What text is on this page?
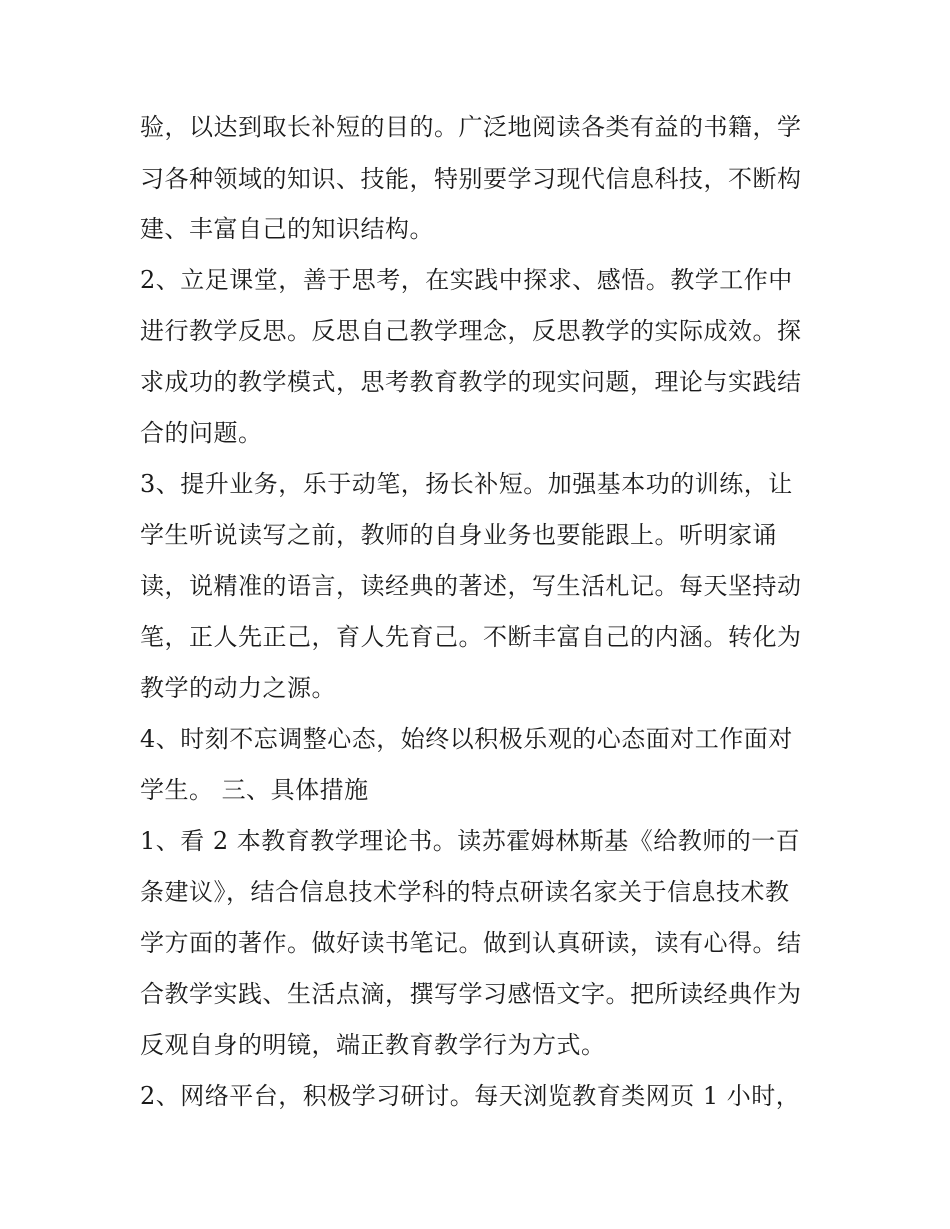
验，以达到取长补短的目的。广泛地阅读各类有益的书籍，学
习各种领域的知识、技能，特别要学习现代信息科技，不断构
建、丰富自己的知识结构。
2、立足课堂，善于思考，在实践中探求、感悟。教学工作中
进行教学反思。反思自己教学理念，反思教学的实际成效。探
求成功的教学模式，思考教育教学的现实问题，理论与实践结
合的问题。
3、提升业务，乐于动笔，扬长补短。加强基本功的训练，让
学生听说读写之前，教师的自身业务也要能跟上。听明家诵
读，说精准的语言，读经典的著述，写生活札记。每天坚持动
笔，正人先正己，育人先育己。不断丰富自己的内涵。转化为
教学的动力之源。
4、时刻不忘调整心态，始终以积极乐观的心态面对工作面对
学生。 三、具体措施
1、看 2 本教育教学理论书。读苏霍姆林斯基《给教师的一百
条建议》，结合信息技术学科的特点研读名家关于信息技术教
学方面的著作。做好读书笔记。做到认真研读，读有心得。结
合教学实践、生活点滴，撰写学习感悟文字。把所读经典作为
反观自身的明镜，端正教育教学行为方式。
2、网络平台，积极学习研讨。每天浏览教育类网页 1 小时，
